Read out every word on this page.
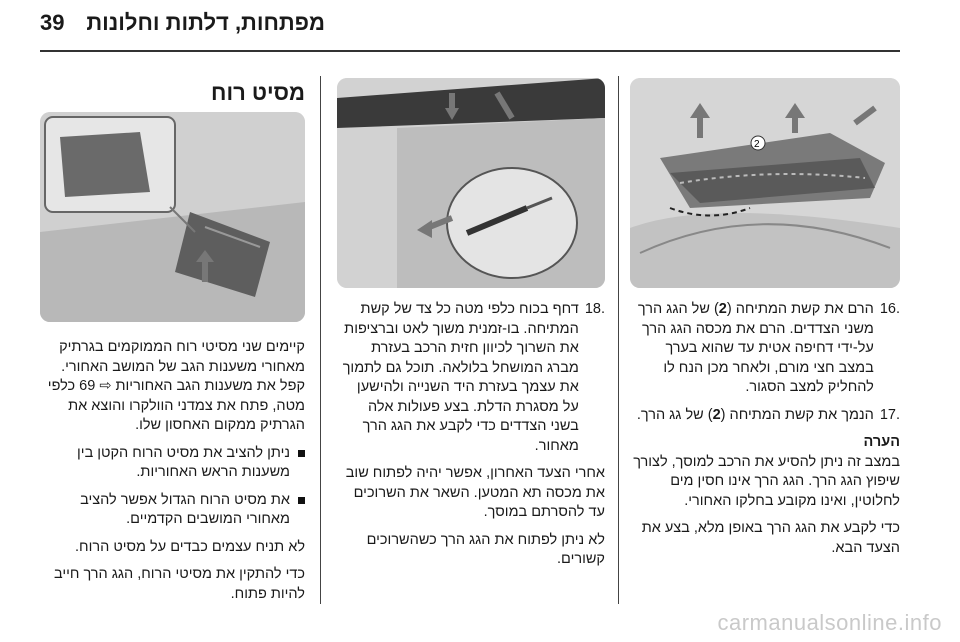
39 מפתחות, דלתות וחלונות
2

.16
הרם את קשת המתיחה (2) של הגג הרך משני הצדדים. הרם את מכסה הגג הרך על-ידי דחיפה אטית עד שהוא בערך במצב חצי מורם, ולאחר מכן הנח לו להחליק למצב הסגור.

.17
הנמך את קשת המתיחה (2) של גג הרך.

הערה

במצב זה ניתן להסיע את הרכב למוסך, לצורך שיפוץ הגג הרך. הגג הרך אינו חסין מים לחלוטין, ואינו מקובע בחלקו האחורי.

כדי לקבע את הגג הרך באופן מלא, בצע את הצעד הבא.

.18
דחף בכוח כלפי מטה כל צד של קשת המתיחה. בו-זמנית משוך לאט וברציפות את השרוך לכיוון חזית הרכב בעזרת מברג המושחל בלולאה. תוכל גם לתמוך את עצמך בעזרת היד השנייה ולהישען על מסגרת הדלת. בצע פעולות אלה בשני הצדדים כדי לקבע את הגג הרך מאחור.

אחרי הצעד האחרון, אפשר יהיה לפתוח שוב את מכסה תא המטען. השאר את השרוכים עד להסרתם במוסך.

לא ניתן לפתוח את הגג הרך כשהשרוכים קשורים.

מסיט רוח

קיימים שני מסיטי רוח הממוקמים בגרתיק מאחורי משענות הגב של המושב האחורי. קפל את משענות הגב האחוריות ⇨ 69 כלפי מטה, פתח את צמדני הוולקרו והוצא את הגרתיק ממקום האחסון שלו.

ניתן להציב את מסיט הרוח הקטן בין משענות הראש האחוריות.
את מסיט הרוח הגדול אפשר להציב מאחורי המושבים הקדמיים.

לא תניח עצמים כבדים על מסיט הרוח.

כדי להתקין את מסיטי הרוח, הגג הרך חייב להיות פתוח.

carmanualsonline.info
